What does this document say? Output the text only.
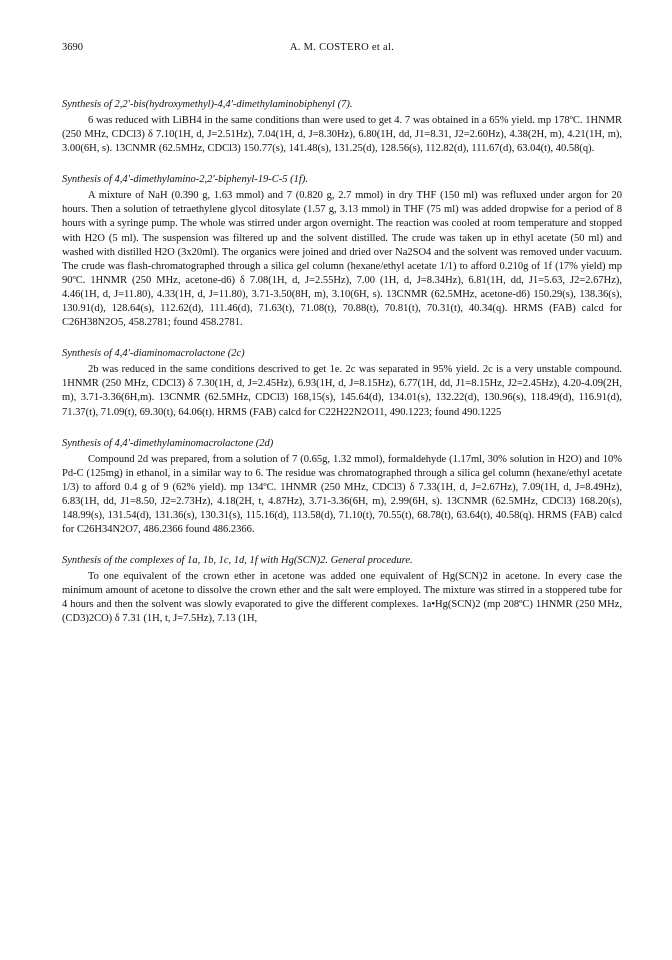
3690	A. M. COSTERO et al.

Synthesis of 2,2'-bis(hydroxymethyl)-4,4'-dimethylaminobiphenyl (7).

6 was reduced with LiBH4 in the same conditions than were used to get 4. 7 was obtained in a 65% yield. mp 178ºC. 1HNMR (250 MHz, CDCl3) δ 7.10(1H, d, J=2.51Hz), 7.04(1H, d, J=8.30Hz), 6.80(1H, dd, J1=8.31, J2=2.60Hz), 4.38(2H, m), 4.21(1H, m), 3.00(6H, s). 13CNMR (62.5MHz, CDCl3) 150.77(s), 141.48(s), 131.25(d), 128.56(s), 112.82(d), 111.67(d), 63.04(t), 40.58(q).

Synthesis of 4,4'-dimethylamino-2,2'-biphenyl-19-C-5 (1f).

A mixture of NaH (0.390 g, 1.63 mmol) and 7 (0.820 g, 2.7 mmol) in dry THF (150 ml) was refluxed under argon for 20 hours. Then a solution of tetraethylene glycol ditosylate (1.57 g, 3.13 mmol) in THF (75 ml) was added dropwise for a period of 8 hours with a syringe pump. The whole was stirred under argon overnight. The reaction was cooled at room temperature and stopped with H2O (5 ml). The suspension was filtered up and the solvent distilled. The crude was taken up in ethyl acetate (50 ml) and washed with distilled H2O (3x20ml). The organics were joined and dried over Na2SO4 and the solvent was removed under vacuum. The crude was flash-chromatographed through a silica gel column (hexane/ethyl acetate 1/1) to afford 0.210g of 1f (17% yield) mp 90ºC. 1HNMR (250 MHz, acetone-d6) δ 7.08(1H, d, J=2.55Hz), 7.00 (1H, d, J=8.34Hz), 6.81(1H, dd, J1=5.63, J2=2.67Hz), 4.46(1H, d, J=11.80), 4.33(1H, d, J=11.80), 3.71-3.50(8H, m), 3.10(6H, s). 13CNMR (62.5MHz, acetone-d6) 150.29(s), 138.36(s), 130.91(d), 128.64(s), 112.62(d), 111.46(d), 71.63(t), 71.08(t), 70.88(t), 70.81(t), 70.31(t), 40.34(q). HRMS (FAB) calcd for C26H38N2O5, 458.2781; found 458.2781.

Synthesis of 4,4'-diaminomacrolactone (2c)

2b was reduced in the same conditions descrived to get 1e. 2c was separated in 95% yield. 2c is a very unstable compound. 1HNMR (250 MHz, CDCl3) δ 7.30(1H, d, J=2.45Hz), 6.93(1H, d, J=8.15Hz), 6.77(1H, dd, J1=8.15Hz, J2=2.45Hz), 4.20-4.09(2H, m), 3.71-3.36(6H,m). 13CNMR (62.5MHz, CDCl3) 168,15(s), 145.64(d), 134.01(s), 132.22(d), 130.96(s), 118.49(d), 116.91(d), 71.37(t), 71.09(t), 69.30(t), 64.06(t). HRMS (FAB) calcd for C22H22N2O11, 490.1223; found 490.1225

Synthesis of 4,4'-dimethylaminomacrolactone (2d)

Compound 2d was prepared, from a solution of 7 (0.65g, 1.32 mmol), formaldehyde (1.17ml, 30% solution in H2O) and 10% Pd-C (125mg) in ethanol, in a similar way to 6. The residue was chromatographed through a silica gel column (hexane/ethyl acetate 1/3) to afford 0.4 g of 9 (62% yield). mp 134ºC. 1HNMR (250 MHz, CDCl3) δ 7.33(1H, d, J=2.67Hz), 7.09(1H, d, J=8.49Hz), 6.83(1H, dd, J1=8.50, J2=2.73Hz), 4.18(2H, t, 4.87Hz), 3.71-3.36(6H, m), 2.99(6H, s). 13CNMR (62.5MHz, CDCl3) 168.20(s), 148.99(s), 131.54(d), 131.36(s), 130.31(s), 115.16(d), 113.58(d), 71.10(t), 70.55(t), 68.78(t), 63.64(t), 40.58(q). HRMS (FAB) calcd for C26H34N2O7, 486.2366 found 486.2366.

Synthesis of the complexes of 1a, 1b, 1c, 1d, 1f with Hg(SCN)2. General procedure.

To one equivalent of the crown ether in acetone was added one equivalent of Hg(SCN)2 in acetone. In every case the minimum amount of acetone to dissolve the crown ether and the salt were employed. The mixture was stirred in a stoppered tube for 4 hours and then the solvent was slowly evaporated to give the different complexes. 1a•Hg(SCN)2 (mp 208ºC) 1HNMR (250 MHz, (CD3)2CO) δ 7.31 (1H, t, J=7.5Hz), 7.13 (1H,
